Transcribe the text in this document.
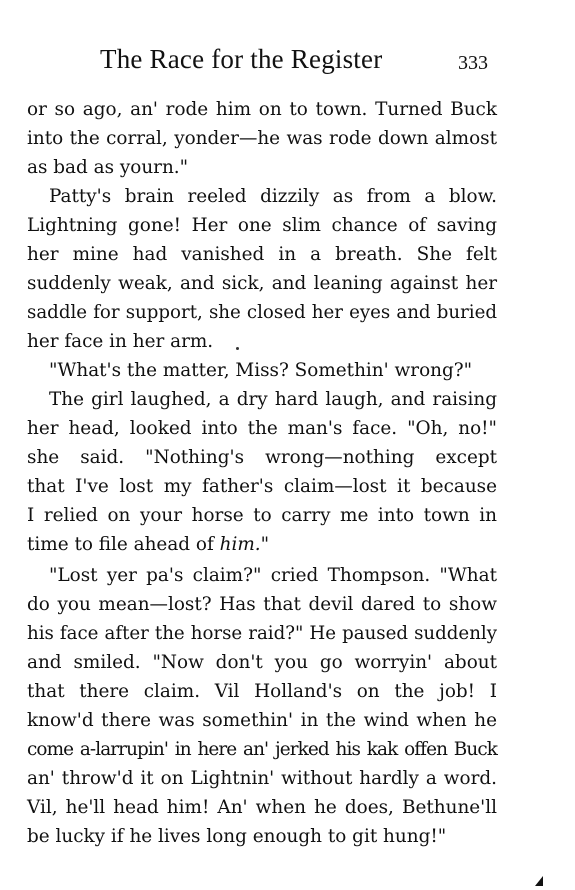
The Race for the Register	333
or so ago, an' rode him on to town. Turned Buck
into the corral, yonder—he was rode down almost
as bad as yourn."
Patty's brain reeled dizzily as from a blow.
Lightning gone! Her one slim chance of saving
her mine had vanished in a breath. She felt
suddenly weak, and sick, and leaning against her
saddle for support, she closed her eyes and buried
her face in her arm.
"What's the matter, Miss? Somethin' wrong?"
The girl laughed, a dry hard laugh, and raising
her head, looked into the man's face. "Oh, no!"
she said. "Nothing's wrong—nothing except
that I've lost my father's claim—lost it because
I relied on your horse to carry me into town in
time to file ahead of him."
"Lost yer pa's claim?" cried Thompson. "What
do you mean—lost? Has that devil dared to show
his face after the horse raid?" He paused suddenly
and smiled. "Now don't you go worryin' about
that there claim. Vil Holland's on the job! I
know'd there was somethin' in the wind when he
come a-larrupin' in here an' jerked his kak offen Buck
an' throw'd it on Lightnin' without hardly a word.
Vil, he'll head him! An' when he does, Bethune'll
be lucky if he lives long enough to git hung!"
